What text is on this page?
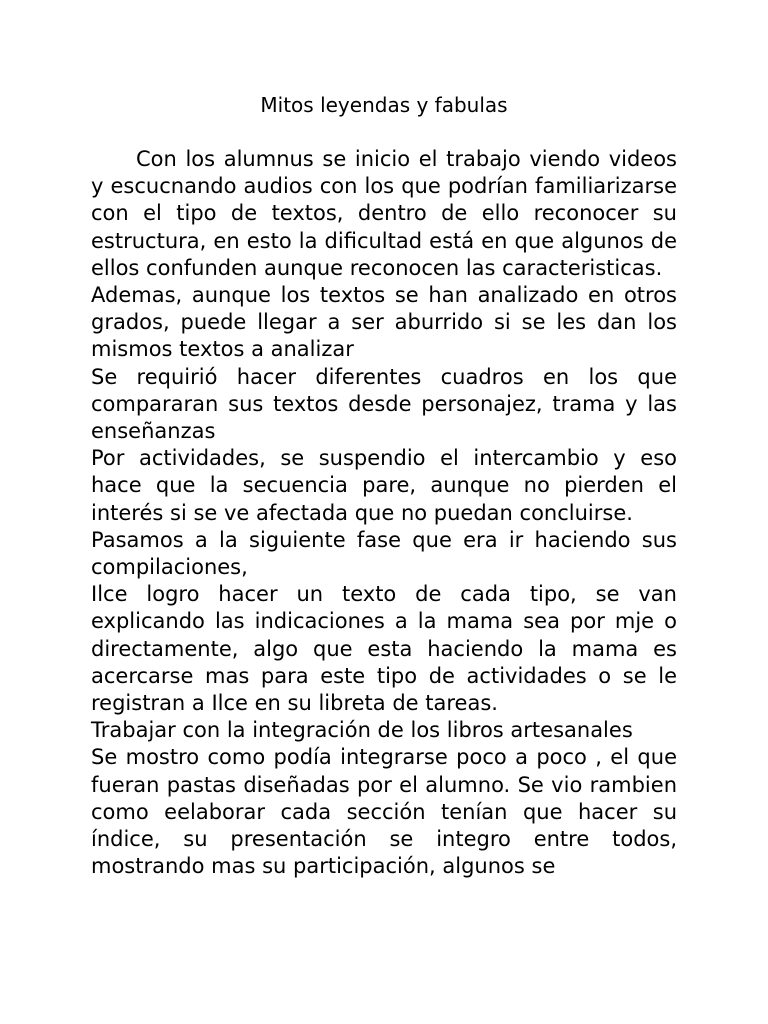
Mitos leyendas y fabulas

Con los alumnus se inicio el trabajo viendo videos y escucnando audios con los que podrían familiarizarse con el tipo de textos, dentro de ello reconocer su estructura, en esto la dificultad está en que algunos de ellos confunden aunque reconocen las caracteristicas.

Ademas, aunque los textos se han analizado en otros grados, puede llegar a ser aburrido si se les dan los mismos textos a analizar

Se requirió hacer diferentes cuadros en los que compararan sus textos desde personajez, trama y las enseñanzas

Por actividades, se suspendio el intercambio y eso hace que la secuencia pare, aunque no pierden el interés si se ve afectada que no puedan concluirse.

Pasamos a la siguiente fase que era ir haciendo sus compilaciones,

Ilce logro hacer un texto de cada tipo, se van explicando las indicaciones a la mama sea por mje o directamente, algo que esta haciendo la mama es acercarse mas para este tipo de actividades o se le registran a Ilce en su libreta de tareas.

Trabajar con la integración de los libros artesanales

Se mostro como podía integrarse poco a poco , el que fueran pastas diseñadas por el alumno. Se vio rambien como eelaborar cada sección tenían que hacer su índice, su presentación se integro entre todos, mostrando mas su participación, algunos se
